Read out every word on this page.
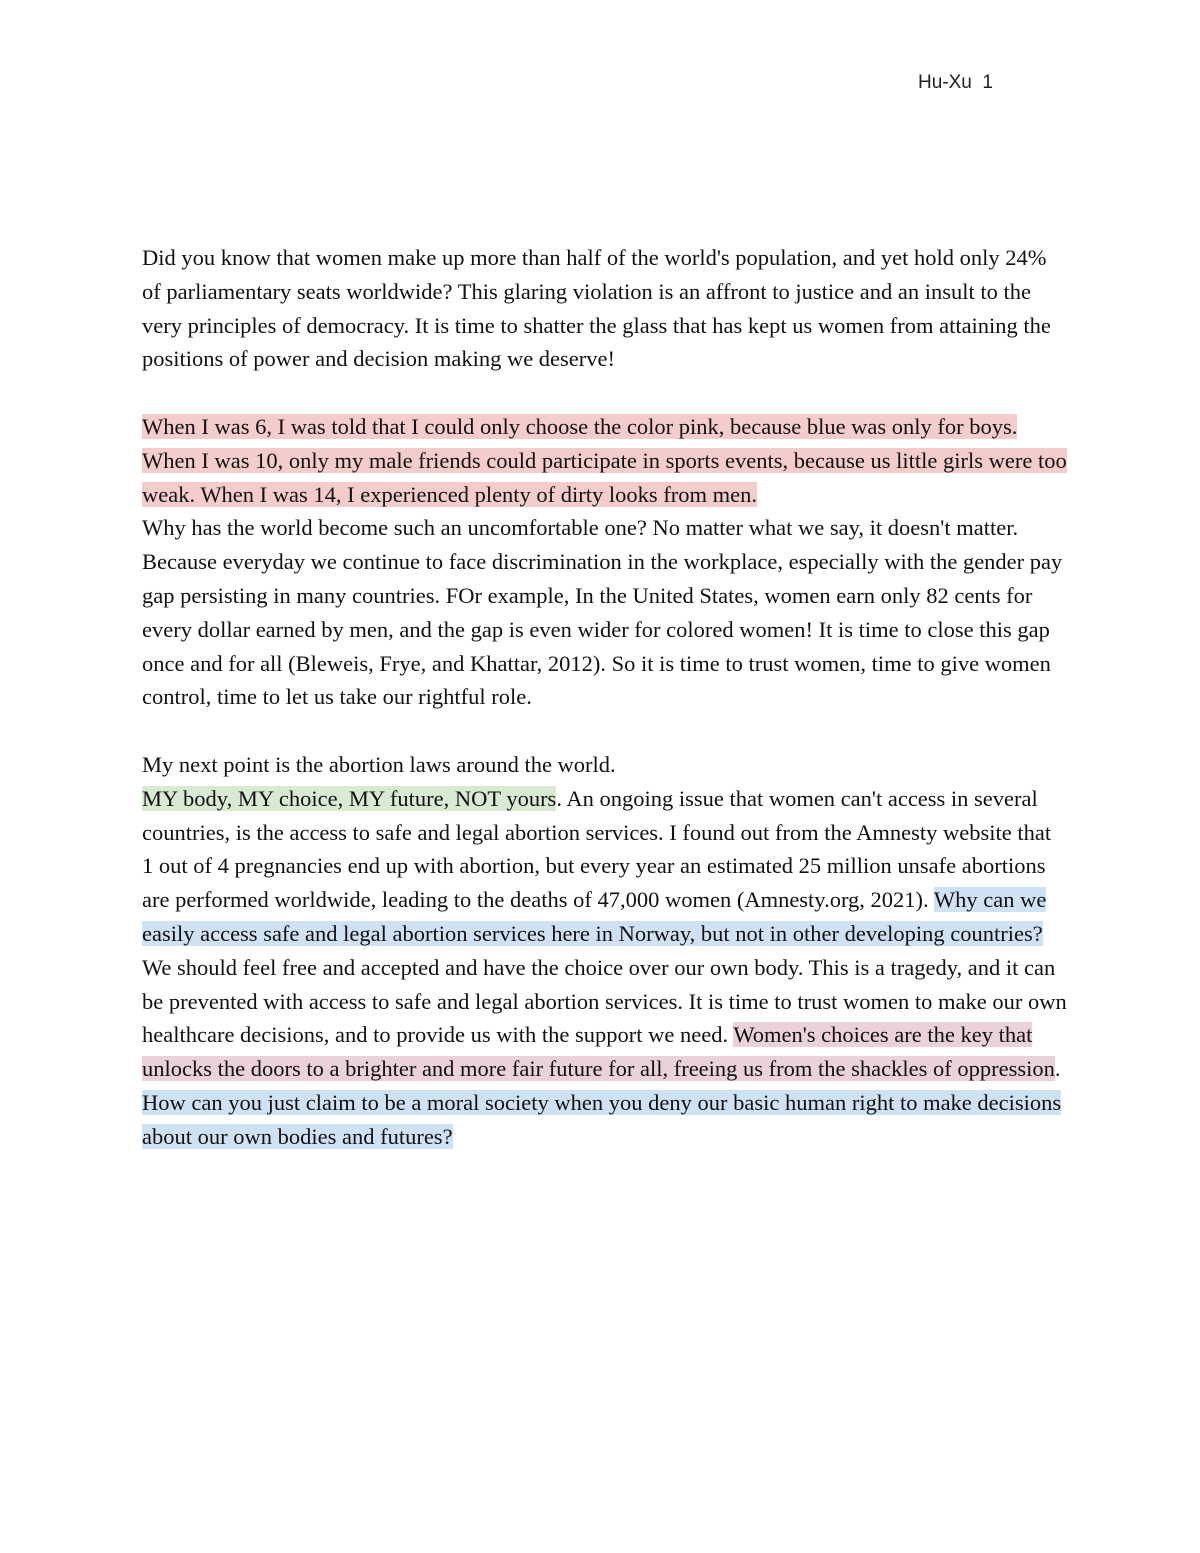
Hu-Xu  1

Did you know that women make up more than half of the world's population, and yet hold only 24% of parliamentary seats worldwide? This glaring violation is an affront to justice and an insult to the very principles of democracy. It is time to shatter the glass that has kept us women from attaining the positions of power and decision making we deserve!

When I was 6, I was told that I could only choose the color pink, because blue was only for boys. When I was 10, only my male friends could participate in sports events, because us little girls were too weak. When I was 14, I experienced plenty of dirty looks from men.

Why has the world become such an uncomfortable one? No matter what we say, it doesn't matter. Because everyday we continue to face discrimination in the workplace, especially with the gender pay gap persisting in many countries. FOr example, In the United States, women earn only 82 cents for every dollar earned by men, and the gap is even wider for colored women! It is time to close this gap once and for all (Bleweis, Frye, and Khattar, 2012). So it is time to trust women, time to give women control, time to let us take our rightful role.

My next point is the abortion laws around the world.

MY body, MY choice, MY future, NOT yours. An ongoing issue that women can't access in several countries, is the access to safe and legal abortion services. I found out from the Amnesty website that 1 out of 4 pregnancies end up with abortion, but every year an estimated 25 million unsafe abortions are performed worldwide, leading to the deaths of 47,000 women (Amnesty.org, 2021). Why can we easily access safe and legal abortion services here in Norway, but not in other developing countries? We should feel free and accepted and have the choice over our own body. This is a tragedy, and it can be prevented with access to safe and legal abortion services. It is time to trust women to make our own healthcare decisions, and to provide us with the support we need. Women's choices are the key that unlocks the doors to a brighter and more fair future for all, freeing us from the shackles of oppression. How can you just claim to be a moral society when you deny our basic human right to make decisions about our own bodies and futures?
